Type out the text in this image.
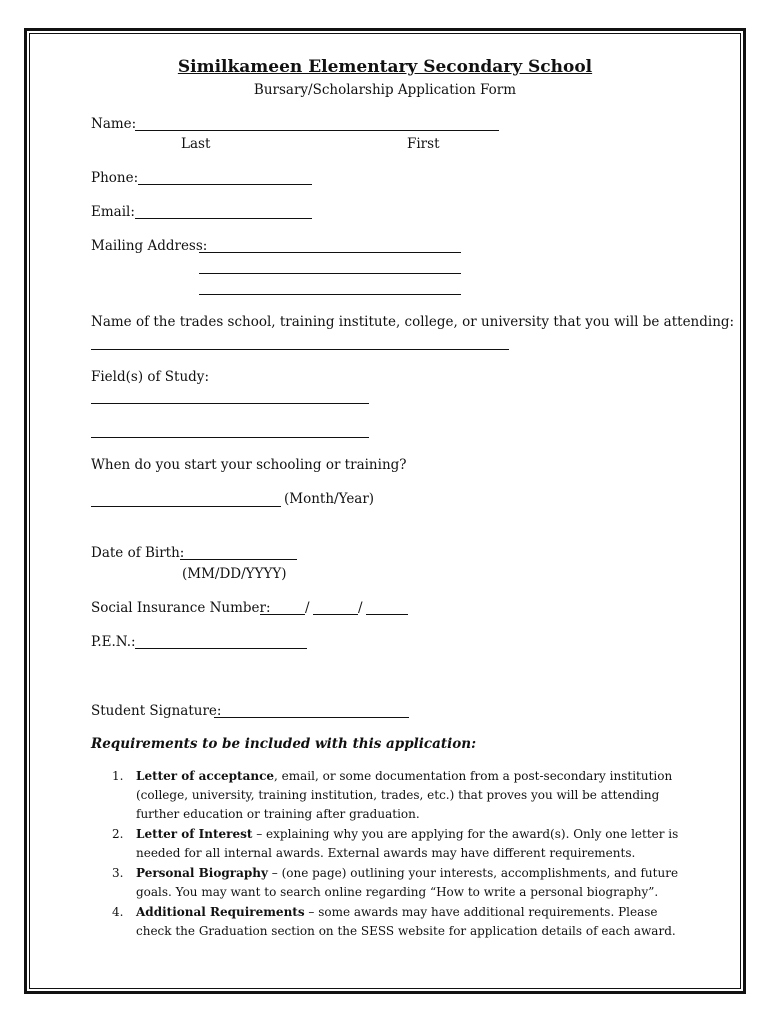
Similkameen Elementary Secondary School
Bursary/Scholarship Application Form
Name:
Last	First
Phone:
Email:
Mailing Address:
Name of the trades school, training institute, college, or university that you will be attending:
Field(s) of Study:
When do you start your schooling or training?
(Month/Year)
Date of Birth:
(MM/DD/YYYY)
Social Insurance Number:	/	/
P.E.N.:
Student Signature:
Requirements to be included with this application:
1. Letter of acceptance, email, or some documentation from a post-secondary institution (college, university, training institution, trades, etc.) that proves you will be attending further education or training after graduation.
2. Letter of Interest – explaining why you are applying for the award(s). Only one letter is needed for all internal awards. External awards may have different requirements.
3. Personal Biography – (one page) outlining your interests, accomplishments, and future goals. You may want to search online regarding “How to write a personal biography”.
4. Additional Requirements – some awards may have additional requirements. Please check the Graduation section on the SESS website for application details of each award.
